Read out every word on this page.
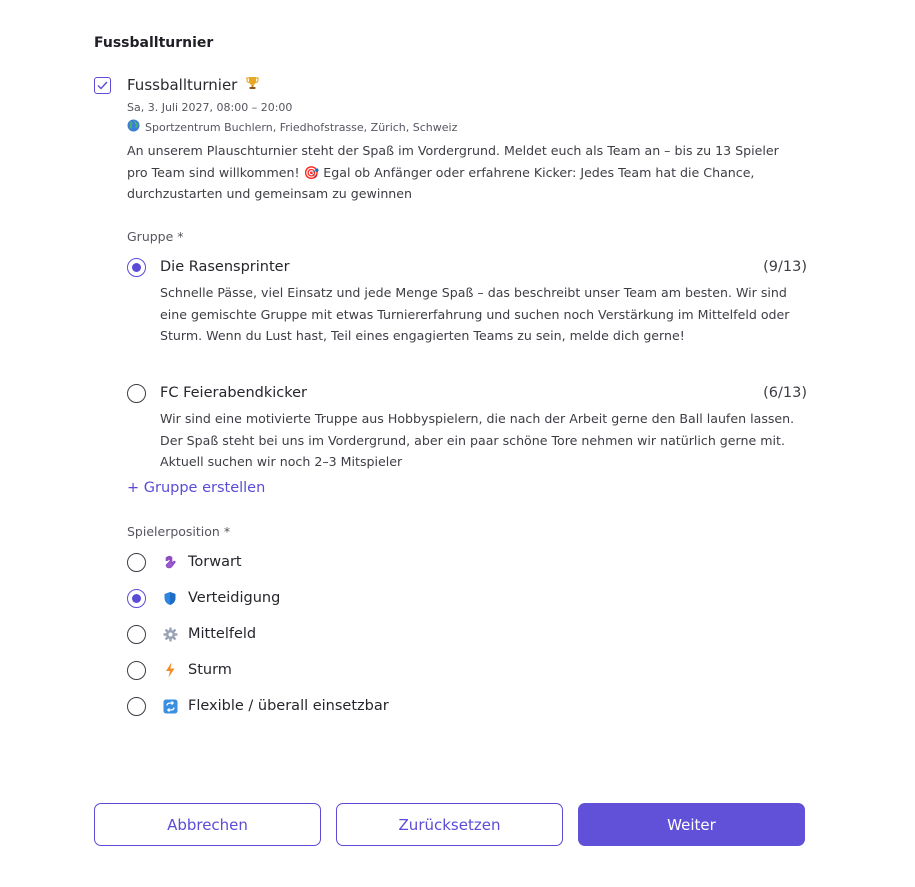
Fussballturnier
Fussballturnier
Sa, 3. Juli 2027, 08:00 – 20:00
Sportzentrum Buchlern, Friedhofstrasse, Zürich, Schweiz
An unserem Plauschturnier steht der Spaß im Vordergrund. Meldet euch als Team an – bis zu 13 Spieler pro Team sind willkommen! 🎯 Egal ob Anfänger oder erfahrene Kicker: Jedes Team hat die Chance, durchzustarten und gemeinsam zu gewinnen
Gruppe *
Die Rasensprinter	(9/13)
Schnelle Pässe, viel Einsatz und jede Menge Spaß – das beschreibt unser Team am besten. Wir sind eine gemischte Gruppe mit etwas Turniererfahrung und suchen noch Verstärkung im Mittelfeld oder Sturm. Wenn du Lust hast, Teil eines engagierten Teams zu sein, melde dich gerne!
FC Feierabendkicker	(6/13)
Wir sind eine motivierte Truppe aus Hobbyspielern, die nach der Arbeit gerne den Ball laufen lassen. Der Spaß steht bei uns im Vordergrund, aber ein paar schöne Tore nehmen wir natürlich gerne mit. Aktuell suchen wir noch 2–3 Mitspieler
+ Gruppe erstellen
Spielerposition *
Torwart
Verteidigung
Mittelfeld
Sturm
Flexible / überall einsetzbar
Abbrechen	Zurücksetzen	Weiter
